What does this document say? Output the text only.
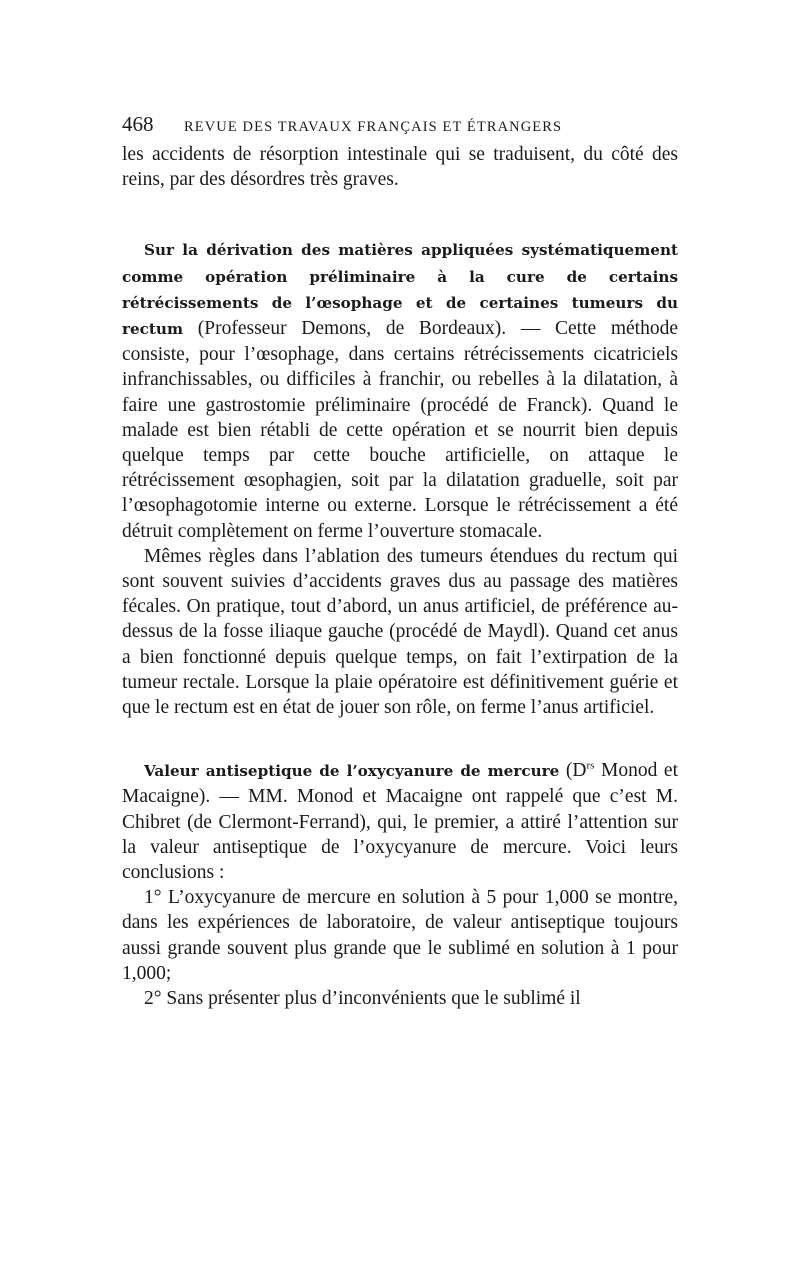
468	REVUE DES TRAVAUX FRANÇAIS ET ÉTRANGERS

les accidents de résorption intestinale qui se traduisent, du côté des reins, par des désordres très graves.

Sur la dérivation des matières appliquées systématiquement comme opération préliminaire à la cure de certains rétrécissements de l’œsophage et de certaines tumeurs du rectum (Professeur Demons, de Bordeaux). — Cette méthode consiste, pour l’œsophage, dans certains rétrécissements cicatriciels infranchissables, ou difficiles à franchir, ou rebelles à la dilatation, à faire une gastrostomie préliminaire (procédé de Franck). Quand le malade est bien rétabli de cette opération et se nourrit bien depuis quelque temps par cette bouche artificielle, on attaque le rétrécissement œsophagien, soit par la dilatation graduelle, soit par l’œsophagotomie interne ou externe. Lorsque le rétrécissement a été détruit complètement on ferme l’ouverture stomacale.

Mêmes règles dans l’ablation des tumeurs étendues du rectum qui sont souvent suivies d’accidents graves dus au passage des matières fécales. On pratique, tout d’abord, un anus artificiel, de préférence au-dessus de la fosse iliaque gauche (procédé de Maydl). Quand cet anus a bien fonctionné depuis quelque temps, on fait l’extirpation de la tumeur rectale. Lorsque la plaie opératoire est définitivement guérie et que le rectum est en état de jouer son rôle, on ferme l’anus artificiel.

Valeur antiseptique de l’oxycyanure de mercure ($D^{rs}$ Monod et Macaigne). — MM. Monod et Macaigne ont rappelé que c’est M. Chibret (de Clermont-Ferrand), qui, le premier, a attiré l’attention sur la valeur antiseptique de l’oxycyanure de mercure. Voici leurs conclusions :

1° L’oxycyanure de mercure en solution à 5 pour 1,000 se montre, dans les expériences de laboratoire, de valeur antiseptique toujours aussi grande souvent plus grande que le sublimé en solution à 1 pour 1,000;

2° Sans présenter plus d’inconvénients que le sublimé il
